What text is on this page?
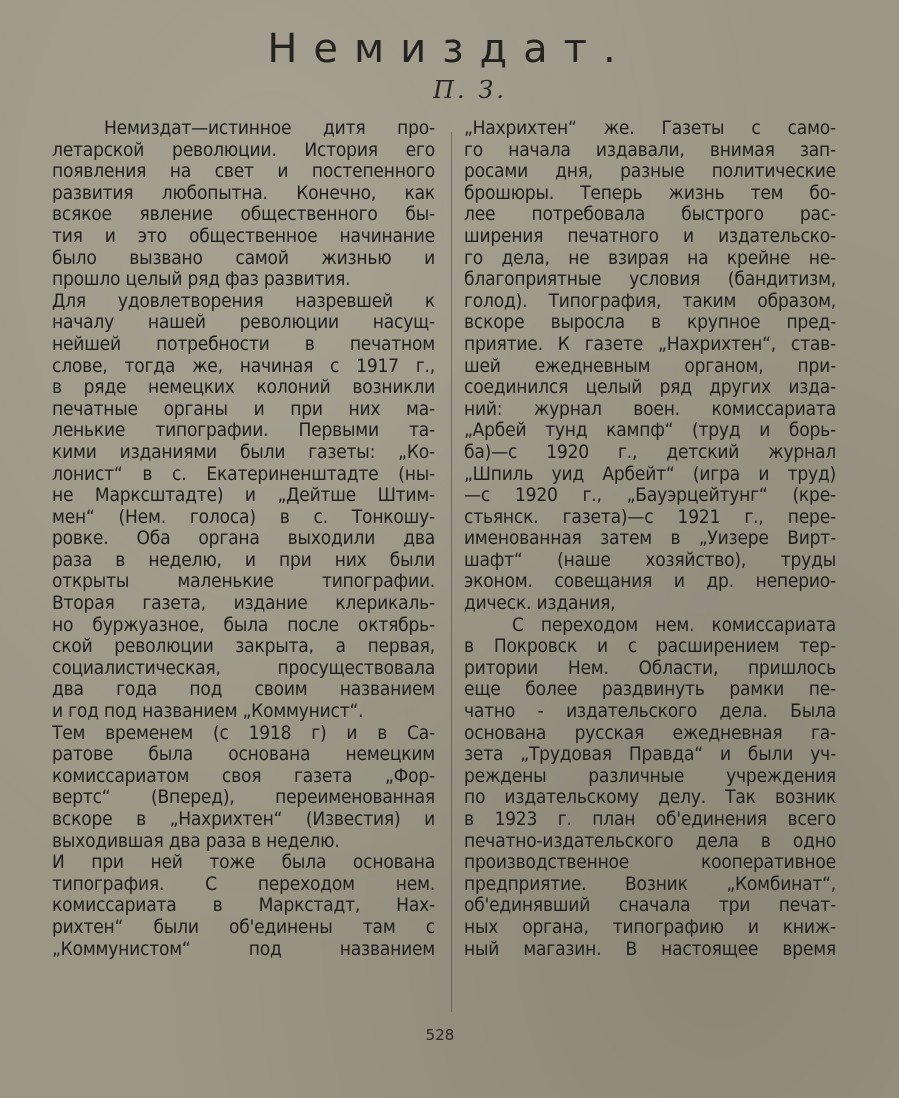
Немиздат.
П. З.
Немиздат—истинное дитя про-
летарской революции. История его
появления на свет и постепенного
развития любопытна. Конечно, как
всякое явление общественного бы-
тия и это общественное начинание
было вызвано самой жизнью и
прошло целый ряд фаз развития.
Для удовлетворения назревшей к
началу нашей революции насущ-
нейшей потребности в печатном
слове, тогда же, начиная с 1917 г.,
в ряде немецких колоний возникли
печатные органы и при них ма-
ленькие типографии. Первыми та-
кими изданиями были газеты: „Ко-
лонист“ в с. Екатериненштадте (ны-
не Марксштадте) и „Дейтше Штим-
мен“ (Нем. голоса) в с. Тонкошу-
ровке. Оба органа выходили два
раза в неделю, и при них были
открыты маленькие типографии.
Вторая газета, издание клерикаль-
но буржуазное, была после октябрь-
ской революции закрыта, а первая,
социалистическая, просуществовала
два года под своим названием
и год под названием „Коммунист“.
Тем временем (с 1918 г) и в Са-
ратове была основана немецким
комиссариатом своя газета „Фор-
вертс“ (Вперед), переименованная
вскоре в „Нахрихтен“ (Известия) и
выходившая два раза в неделю.
И при ней тоже была основана
типография. С переходом нем.
комиссариата в Маркстадт, Нах-
рихтен“ были об'единены там с
„Коммунистом“ под названием
„Нахрихтен“ же. Газеты с само-
го начала издавали, внимая зап-
росами дня, разные политические
брошюры. Теперь жизнь тем бо-
лее потребовала быстрого рас-
ширения печатного и издательско-
го дела, не взирая на крейне не-
благоприятные условия (бандитизм,
голод). Типография, таким образом,
вскоре выросла в крупное пред-
приятие. К газете „Нахрихтен“, став-
шей ежедневным органом, при-
соединился целый ряд других изда-
ний: журнал воен. комиссариата
„Арбей тунд кампф“ (труд и борь-
ба)—с 1920 г., детский журнал
„Шпиль уид Арбейт“ (игра и труд)
—с 1920 г., „Бауэрцейтунг“ (кре-
стьянск. газета)—с 1921 г., пере-
именованная затем в „Уизере Вирт-
шафт“ (наше хозяйство), труды
эконом. совещания и др. неперио-
дическ. издания,
С переходом нем. комиссариата
в Покровск и с расширением тер-
ритории Нем. Области, пришлось
еще более раздвинуть рамки пе-
чатно - издательского дела. Была
основана русская ежедневная га-
зета „Трудовая Правда“ и были уч-
реждены различные учреждения
по издательскому делу. Так возник
в 1923 г. план об'единения всего
печатно-издательского дела в одно
производственное кооперативное
предприятие. Возник „Комбинат“,
об'единявший сначала три печат-
ных органа, типографию и книж-
ный магазин. В настоящее время
528
